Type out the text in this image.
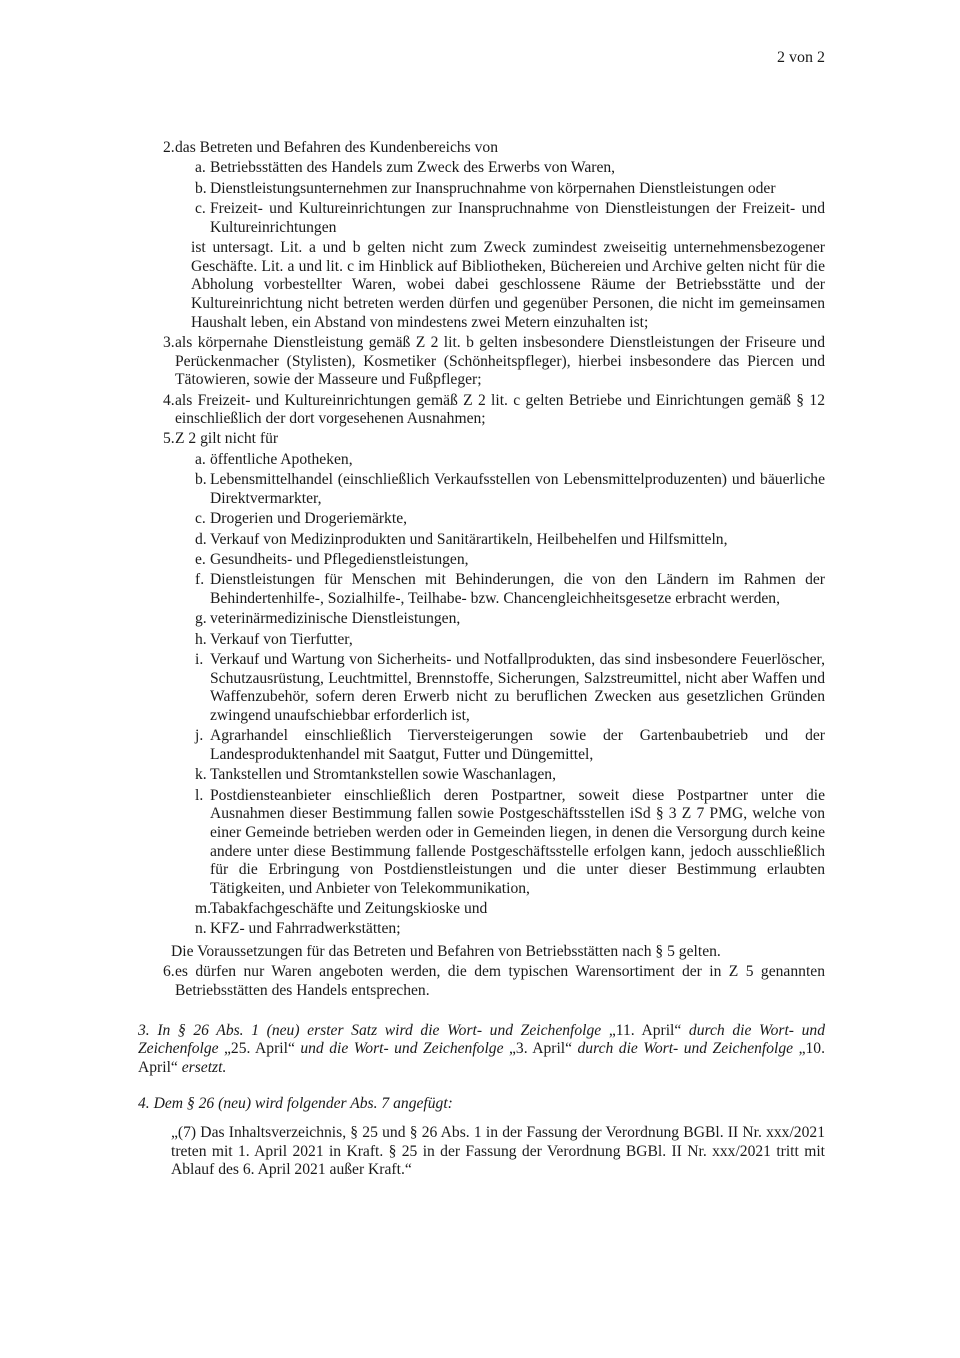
2 von 2
2. das Betreten und Befahren des Kundenbereichs von
a. Betriebsstätten des Handels zum Zweck des Erwerbs von Waren,
b. Dienstleistungsunternehmen zur Inanspruchnahme von körpernahen Dienstleistungen oder
c. Freizeit- und Kultureinrichtungen zur Inanspruchnahme von Dienstleistungen der Freizeit- und Kultureinrichtungen
ist untersagt. Lit. a und b gelten nicht zum Zweck zumindest zweiseitig unternehmensbezogener Geschäfte. Lit. a und lit. c im Hinblick auf Bibliotheken, Büchereien und Archive gelten nicht für die Abholung vorbestellter Waren, wobei dabei geschlossene Räume der Betriebsstätte und der Kultureinrichtung nicht betreten werden dürfen und gegenüber Personen, die nicht im gemeinsamen Haushalt leben, ein Abstand von mindestens zwei Metern einzuhalten ist;
3. als körpernahe Dienstleistung gemäß Z 2 lit. b gelten insbesondere Dienstleistungen der Friseure und Perückenmacher (Stylisten), Kosmetiker (Schönheitspfleger), hierbei insbesondere das Piercen und Tätowieren, sowie der Masseure und Fußpfleger;
4. als Freizeit- und Kultureinrichtungen gemäß Z 2 lit. c gelten Betriebe und Einrichtungen gemäß § 12 einschließlich der dort vorgesehenen Ausnahmen;
5. Z 2 gilt nicht für
a. öffentliche Apotheken,
b. Lebensmittelhandel (einschließlich Verkaufsstellen von Lebensmittelproduzenten) und bäuerliche Direktvermarkter,
c. Drogerien und Drogeriemärkte,
d. Verkauf von Medizinprodukten und Sanitärartikeln, Heilbehelfen und Hilfsmitteln,
e. Gesundheits- und Pflegedienstleistungen,
f. Dienstleistungen für Menschen mit Behinderungen, die von den Ländern im Rahmen der Behindertenhilfe-, Sozialhilfe-, Teilhabe- bzw. Chancengleichheitsgesetze erbracht werden,
g. veterinärmedizinische Dienstleistungen,
h. Verkauf von Tierfutter,
i. Verkauf und Wartung von Sicherheits- und Notfallprodukten, das sind insbesondere Feuerlöscher, Schutzausrüstung, Leuchtmittel, Brennstoffe, Sicherungen, Salzstreumittel, nicht aber Waffen und Waffenzubehör, sofern deren Erwerb nicht zu beruflichen Zwecken aus gesetzlichen Gründen zwingend unaufschiebbar erforderlich ist,
j. Agrarhandel einschließlich Tierversteigerungen sowie der Gartenbaubetrieb und der Landesproduktenhandel mit Saatgut, Futter und Düngemittel,
k. Tankstellen und Stromtankstellen sowie Waschanlagen,
l. Postdiensteanbieter einschließlich deren Postpartner, soweit diese Postpartner unter die Ausnahmen dieser Bestimmung fallen sowie Postgeschäftsstellen iSd § 3 Z 7 PMG, welche von einer Gemeinde betrieben werden oder in Gemeinden liegen, in denen die Versorgung durch keine andere unter diese Bestimmung fallende Postgeschäftsstelle erfolgen kann, jedoch ausschließlich für die Erbringung von Postdienstleistungen und die unter dieser Bestimmung erlaubten Tätigkeiten, und Anbieter von Telekommunikation,
m.
Tabakfachgeschäfte und Zeitungskioske und
n. KFZ- und Fahrradwerkstätten;
Die Voraussetzungen für das Betreten und Befahren von Betriebsstätten nach § 5 gelten.
6. es dürfen nur Waren angeboten werden, die dem typischen Warensortiment der in Z 5 genannten Betriebsstätten des Handels entsprechen.
3. In § 26 Abs. 1 (neu) erster Satz wird die Wort- und Zeichenfolge „11. April“ durch die Wort- und Zeichenfolge „25. April“ und die Wort- und Zeichenfolge „3. April“ durch die Wort- und Zeichenfolge „10. April“ ersetzt.
4. Dem § 26 (neu) wird folgender Abs. 7 angefügt:
„(7) Das Inhaltsverzeichnis, § 25 und § 26 Abs. 1 in der Fassung der Verordnung BGBl. II Nr. xxx/2021 treten mit 1. April 2021 in Kraft. § 25 in der Fassung der Verordnung BGBl. II Nr. xxx/2021 tritt mit Ablauf des 6. April 2021 außer Kraft.“
